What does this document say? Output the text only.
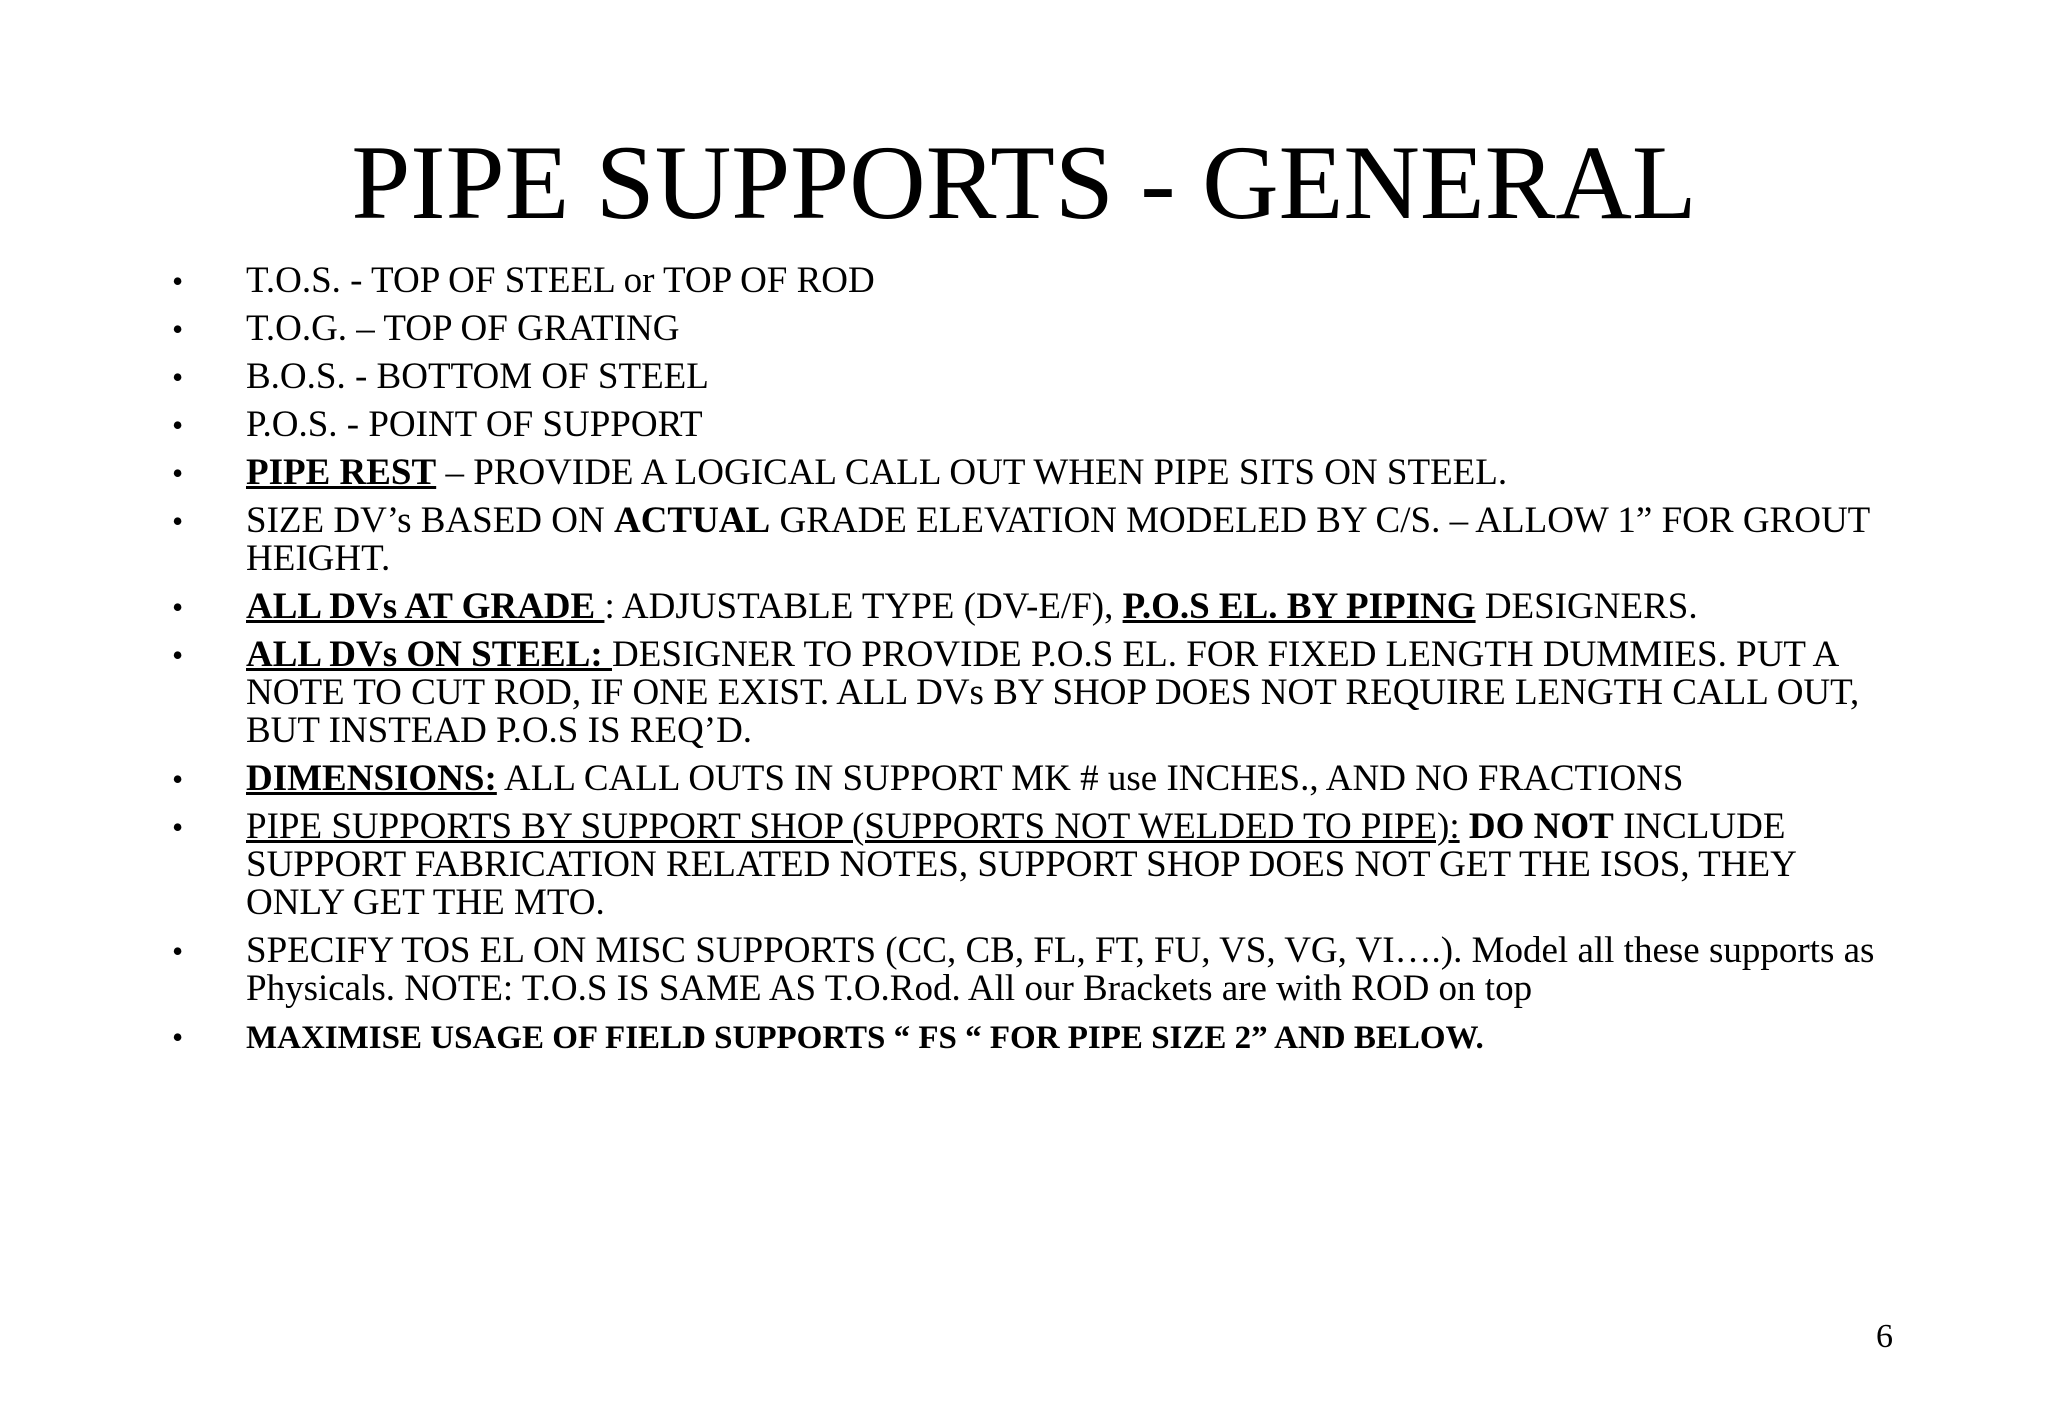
PIPE SUPPORTS - GENERAL
• T.O.S. - TOP OF STEEL or TOP OF ROD
• T.O.G. – TOP OF GRATING
• B.O.S. - BOTTOM OF STEEL
• P.O.S. - POINT OF SUPPORT
• PIPE REST – PROVIDE A LOGICAL CALL OUT WHEN PIPE SITS ON STEEL.
• SIZE DV’s BASED ON ACTUAL GRADE ELEVATION MODELED BY C/S. – ALLOW 1” FOR GROUT HEIGHT.
• ALL DVs AT GRADE : ADJUSTABLE TYPE (DV-E/F), P.O.S EL. BY PIPING DESIGNERS.
• ALL DVs ON STEEL: DESIGNER TO PROVIDE P.O.S EL. FOR FIXED LENGTH DUMMIES. PUT A NOTE TO CUT ROD, IF ONE EXIST. ALL DVs BY SHOP DOES NOT REQUIRE LENGTH CALL OUT, BUT INSTEAD P.O.S IS REQ’D.
• DIMENSIONS: ALL CALL OUTS IN SUPPORT MK # use INCHES., AND NO FRACTIONS
• PIPE SUPPORTS BY SUPPORT SHOP (SUPPORTS NOT WELDED TO PIPE): DO NOT INCLUDE SUPPORT FABRICATION RELATED NOTES, SUPPORT SHOP DOES NOT GET THE ISOS, THEY ONLY GET THE MTO.
• SPECIFY TOS EL ON MISC SUPPORTS (CC, CB, FL, FT, FU, VS, VG, VI….). Model all these supports as Physicals. NOTE: T.O.S IS SAME AS T.O.Rod. All our Brackets are with ROD on top
• MAXIMISE USAGE OF FIELD SUPPORTS “ FS “ FOR PIPE SIZE 2” AND BELOW.
6
